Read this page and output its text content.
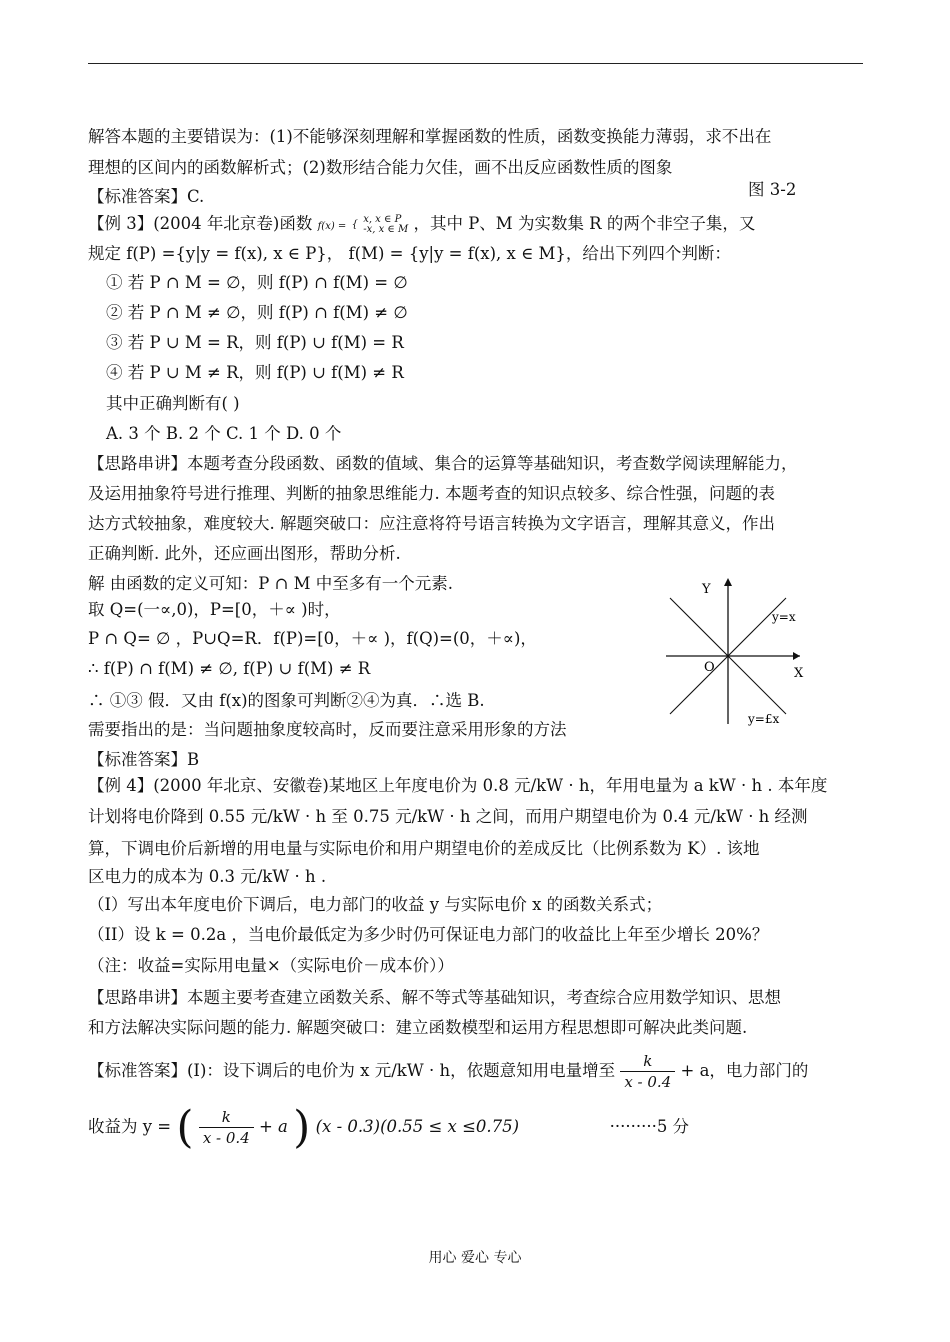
解答本题的主要错误为：(1)不能够深刻理解和掌握函数的性质，函数变换能力薄弱，求不出在
理想的区间内的函数解析式；(2)数形结合能力欠佳，画不出反应函数性质的图象
图 3-2
【标准答案】C.
【例 3】(2004 年北京卷)函数 f(x) = { x, x ∈ P
-x, x ∈ M ，其中 P、M 为实数集 R 的两个非空子集，又
规定 f(P) ={y|y = f(x), x ∈ P}， f(M) = {y|y = f(x), x ∈ M}，给出下列四个判断：
① 若 P ∩ M = ∅，则 f(P) ∩ f(M) = ∅
② 若 P ∩ M ≠ ∅，则 f(P) ∩ f(M) ≠ ∅
③ 若 P ∪ M = R，则 f(P) ∪ f(M) = R
④ 若 P ∪ M ≠ R，则 f(P) ∪ f(M) ≠ R
其中正确判断有( )
A. 3 个 B. 2 个 C. 1 个 D. 0 个
【思路串讲】本题考查分段函数、函数的值域、集合的运算等基础知识，考查数学阅读理解能力，
及运用抽象符号进行推理、判断的抽象思维能力. 本题考查的知识点较多、综合性强，问题的表
达方式较抽象，难度较大. 解题突破口：应注意将符号语言转换为文字语言，理解其意义，作出
正确判断. 此外，还应画出图形，帮助分析.
解 由函数的定义可知：P ∩ M 中至多有一个元素.
取 Q=(一∝,0)，P=[0，＋∝ )时，
P ∩ Q= ∅ ，P∪Q=R．f(P)=[0，＋∝ )，f(Q)=(0，＋∝)，
∴ f(P) ∩ f(M) ≠ ∅, f(P) ∪ f(M) ≠ R
∴ ①③ 假．又由 f(x)的图象可判断②④为真．∴选 B.
需要指出的是：当问题抽象度较高时，反而要注意采用形象的方法
【标准答案】B
【例 4】(2000 年北京、安徽卷)某地区上年度电价为 0.8 元/kW · h，年用电量为 a kW · h . 本年度
计划将电价降到 0.55 元/kW · h 至 0.75 元/kW · h 之间，而用户期望电价为 0.4 元/kW · h 经测
算，下调电价后新增的用电量与实际电价和用户期望电价的差成反比（比例系数为 K）. 该地
区电力的成本为 0.3 元/kW · h .
（I）写出本年度电价下调后，电力部门的收益 y 与实际电价 x 的函数关系式；
（II）设 k = 0.2a ，当电价最低定为多少时仍可保证电力部门的收益比上年至少增长 20%？
（注：收益=实际用电量×（实际电价－成本价））
【思路串讲】本题主要考查建立函数关系、解不等式等基础知识，考查综合应用数学知识、思想
和方法解决实际问题的能力. 解题突破口：建立函数模型和运用方程思想即可解决此类问题.
【标准答案】(I)：设下调后的电价为 x 元/kW · h，依题意知用电量增至 $\frac{k}{x - 0.4} + a$，电力部门的
收益为 y = ( $\frac{k}{x - 0.4} + a$ ) (x - 0.3)(0.55 ≤ x ≤0.75)	·········5 分
Y
X
O
y=x
y=£x
用心 爱心 专心
